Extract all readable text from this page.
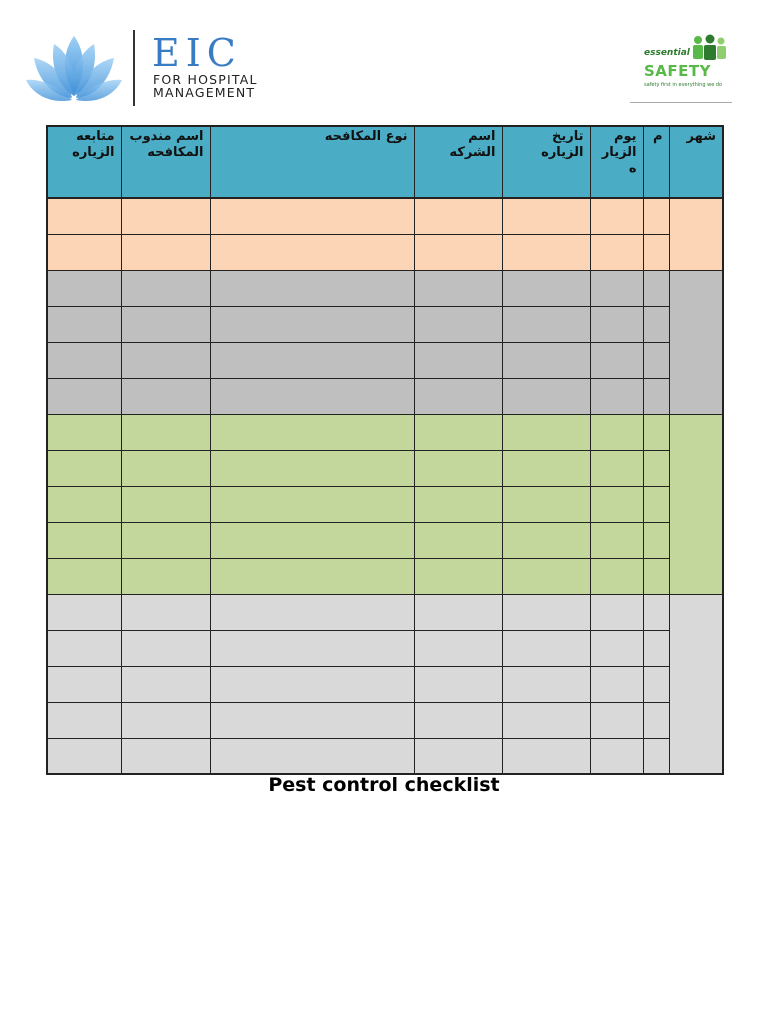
EIC
FOR HOSPITAL
MANAGEMENT
essential
SAFETY
safety first in everything we do
متابعه الزياره	اسم مندوب المكافحه	نوع المكافحه	اسم الشركه	تاريخ الزياره	يوم الزيار ه	م	شهر

Pest control checklist
